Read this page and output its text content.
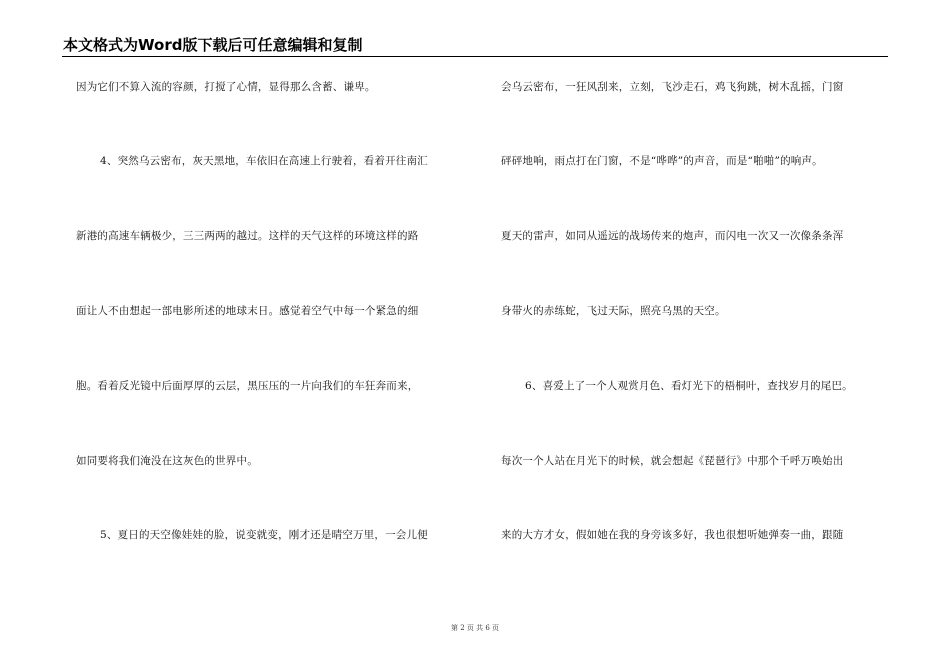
本文格式为Word版下载后可任意编辑和复制
因为它们不算入流的容颜，打搅了心情，显得那么含蓄、谦卑。
4、突然乌云密布，灰天黑地，车依旧在高速上行驶着，看着开往南汇
新港的高速车辆极少，三三两两的越过。这样的天气这样的环境这样的路
面让人不由想起一部电影所述的地球末日。感觉着空气中每一个紧急的细
胞。看着反光镜中后面厚厚的云层，黑压压的一片向我们的车狂奔而来，
如同要将我们淹没在这灰色的世界中。
5、夏日的天空像娃娃的脸，说变就变，刚才还是晴空万里，一会儿便
会乌云密布，一狂风刮来，立刻，飞沙走石，鸡飞狗跳，树木乱摇，门窗
砰砰地响，雨点打在门窗，不是“哗哗”的声音，而是“啪啪”的响声。
夏天的雷声，如同从遥远的战场传来的炮声，而闪电一次又一次像条条浑
身带火的赤练蛇，飞过天际，照亮乌黑的天空。
6、喜爱上了一个人观赏月色、看灯光下的梧桐叶，查找岁月的尾巴。
每次一个人站在月光下的时候，就会想起《琵琶行》中那个千呼万唤始出
来的大方才女，假如她在我的身旁该多好，我也很想听她弹奏一曲，跟随
第 2 页 共 6 页
